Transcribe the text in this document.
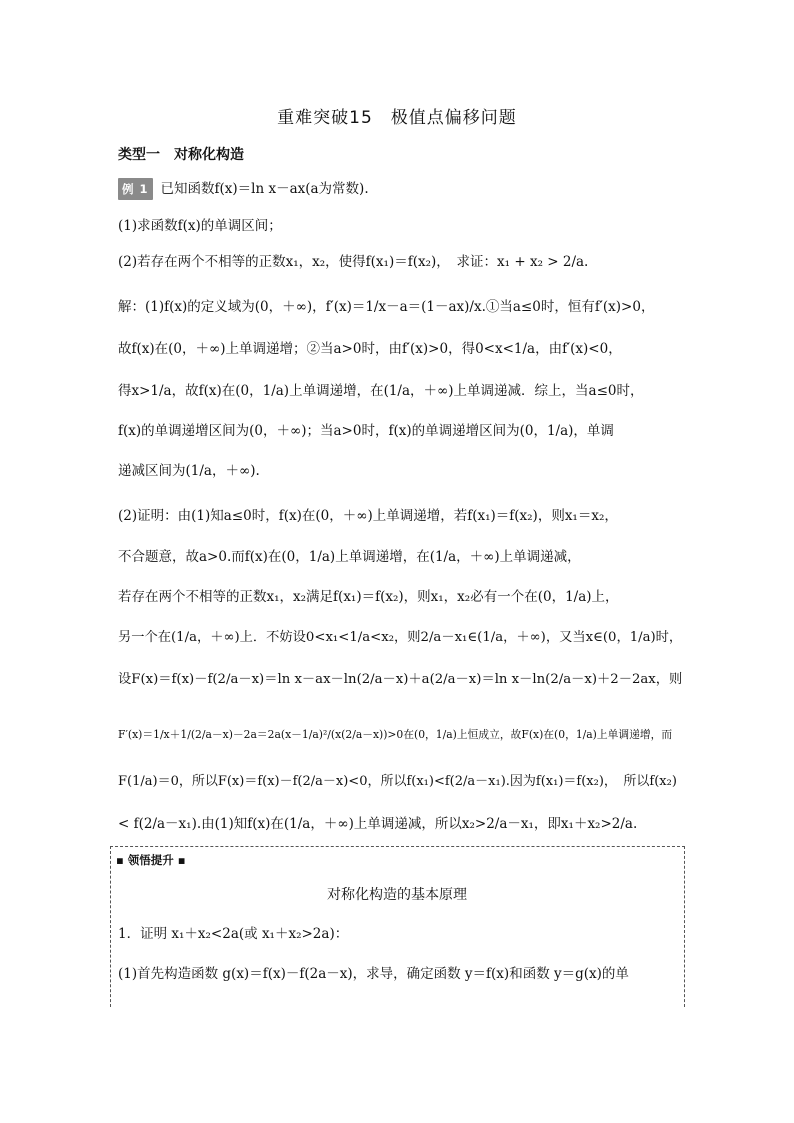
重难突破15　极值点偏移问题
类型一　对称化构造
例 1 已知函数f(x)＝ln x－ax(a为常数).
(1)求函数f(x)的单调区间；
(2)若存在两个不相等的正数x₁，x₂，使得f(x₁)＝f(x₂)，　求证：x₁ + x₂ > 2/a.
解：(1)f(x)的定义域为(0，＋∞)，f′(x)＝1/x－a＝(1－ax)/x.①当a≤0时，恒有f′(x)>0，
故f(x)在(0，＋∞)上单调递增；②当a>0时，由f′(x)>0，得0<x<1/a，由f′(x)<0，
得x>1/a，故f(x)在(0，1/a)上单调递增，在(1/a，＋∞)上单调递减．综上，当a≤0时，
f(x)的单调递增区间为(0，＋∞)；当a>0时，f(x)的单调递增区间为(0，1/a)，单调
递减区间为(1/a，＋∞).
(2)证明：由(1)知a≤0时，f(x)在(0，＋∞)上单调递增，若f(x₁)＝f(x₂)，则x₁＝x₂，
不合题意，故a>0.而f(x)在(0，1/a)上单调递增，在(1/a，＋∞)上单调递减，
若存在两个不相等的正数x₁，x₂满足f(x₁)＝f(x₂)，则x₁，x₂必有一个在(0，1/a)上，
另一个在(1/a，＋∞)上．不妨设0<x₁<1/a<x₂，则2/a－x₁∈(1/a，＋∞)，又当x∈(0，1/a)时，
设F(x)＝f(x)－f(2/a－x)＝ln x－ax－ln(2/a－x)＋a(2/a－x)＝ln x－ln(2/a－x)＋2－2ax，则
F′(x)＝1/x＋1/(2/a－x)－2a＝2a(x－1/a)²/(x(2/a－x))>0在(0，1/a)上恒成立，故F(x)在(0，1/a)上单调递增，而
F(1/a)＝0，所以F(x)＝f(x)－f(2/a－x)<0，所以f(x₁)<f(2/a－x₁).因为f(x₁)＝f(x₂)，　所以f(x₂)
< f(2/a－x₁).由(1)知f(x)在(1/a，＋∞)上单调递减，所以x₂>2/a－x₁，即x₁＋x₂>2/a.
▪ 领悟提升 ▪
对称化构造的基本原理
1．证明 x₁＋x₂<2a(或 x₁＋x₂>2a)：
(1)首先构造函数 g(x)＝f(x)－f(2a－x)，求导，确定函数 y＝f(x)和函数 y＝g(x)的单
